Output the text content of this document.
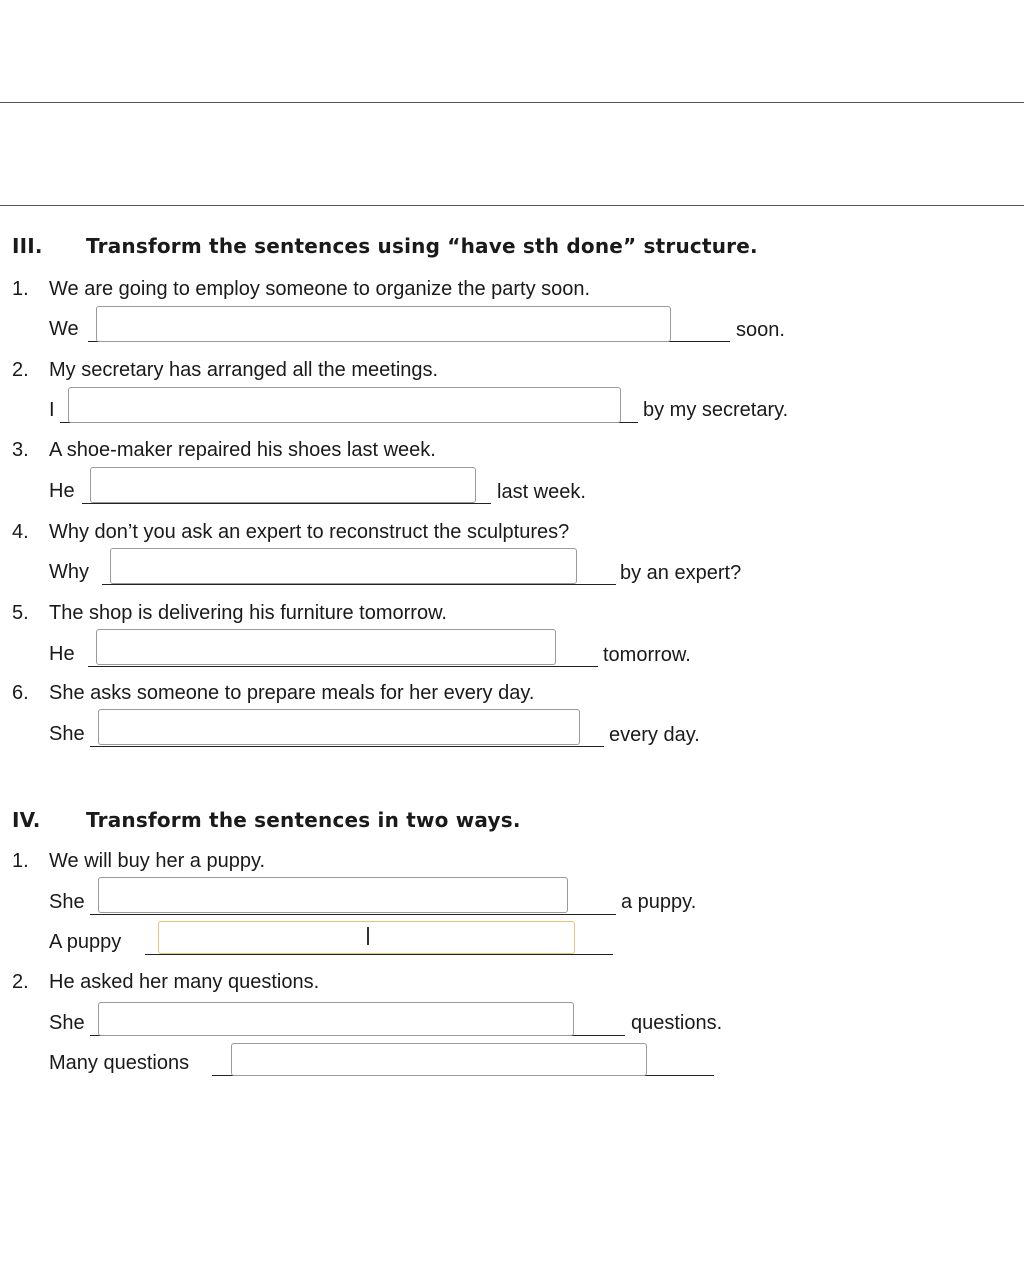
III. Transform the sentences using “have sth done” structure.
1. We are going to employ someone to organize the party soon.
We	soon.
2. My secretary has arranged all the meetings.
I	by my secretary.
3. A shoe-maker repaired his shoes last week.
He	last week.
4. Why don’t you ask an expert to reconstruct the sculptures?
Why	by an expert?
5. The shop is delivering his furniture tomorrow.
He	tomorrow.
6. She asks someone to prepare meals for her every day.
She	every day.
IV. Transform the sentences in two ways.
1. We will buy her a puppy.
She	a puppy.
A puppy
2. He asked her many questions.
She	questions.
Many questions
